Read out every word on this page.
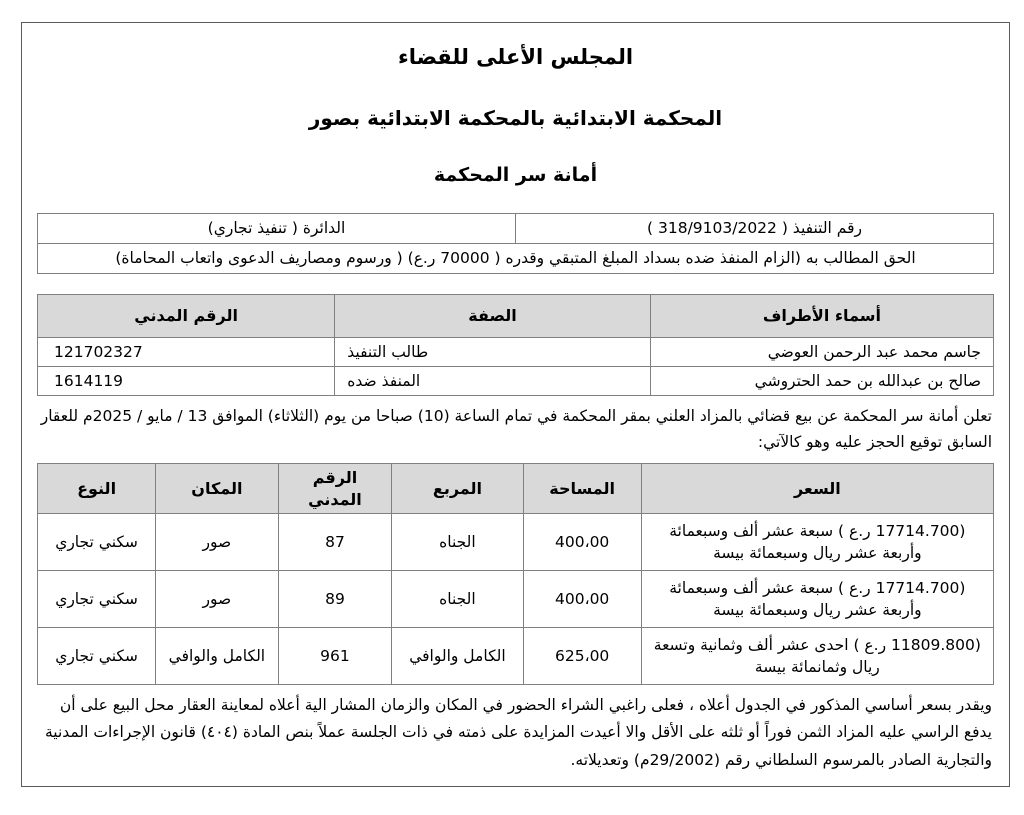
المجلس الأعلى للقضاء
المحكمة الابتدائية بالمحكمة الابتدائية بصور
أمانة سر المحكمة
رقم التنفيذ ( 318/9103/2022 )	الدائرة ( تنفيذ تجاري)
الحق المطالب به (الزام المنفذ ضده بسداد المبلغ المتبقي وقدره ( 70000 ر.ع) ( ورسوم ومصاريف الدعوى واتعاب المحاماة)
أسماء الأطراف	الصفة	الرقم المدني
جاسم محمد عبد الرحمن العوضي	طالب التنفيذ	121702327
صالح بن عبدالله بن حمد الحتروشي	المنفذ ضده	1614119
تعلن أمانة سر المحكمة عن بيع قضائي بالمزاد العلني بمقر المحكمة في تمام الساعة (10) صباحا من يوم (الثلاثاء) الموافق 13 / مايو / 2025م للعقار السابق توقيع الحجز عليه وهو كالآتي:
السعر	المساحة	المربع	الرقم المدني	المكان	النوع
(17714.700 ر.ع ) سبعة عشر ألف وسبعمائة وأربعة عشر ريال وسبعمائة بيسة	400،00	الجناه	87	صور	سكني تجاري
(17714.700 ر.ع ) سبعة عشر ألف وسبعمائة وأربعة عشر ريال وسبعمائة بيسة	400،00	الجناه	89	صور	سكني تجاري
(11809.800 ر.ع ) احدى عشر ألف وثمانية وتسعة ريال وثمانمائة بيسة	625،00	الكامل والوافي	961	الكامل والوافي	سكني تجاري
ويقدر بسعر أساسي المذكور في الجدول أعلاه ، فعلى راغبي الشراء الحضور في المكان والزمان المشار الية أعلاه لمعاينة العقار محل البيع على أن يدفع الراسي عليه المزاد الثمن فوراً أو ثلثه على الأقل والا أعيدت المزايدة على ذمته في ذات الجلسة عملاً بنص المادة (٤٠٤) قانون الإجراءات المدنية والتجارية الصادر بالمرسوم السلطاني رقم (29/2002م) وتعديلاته.
